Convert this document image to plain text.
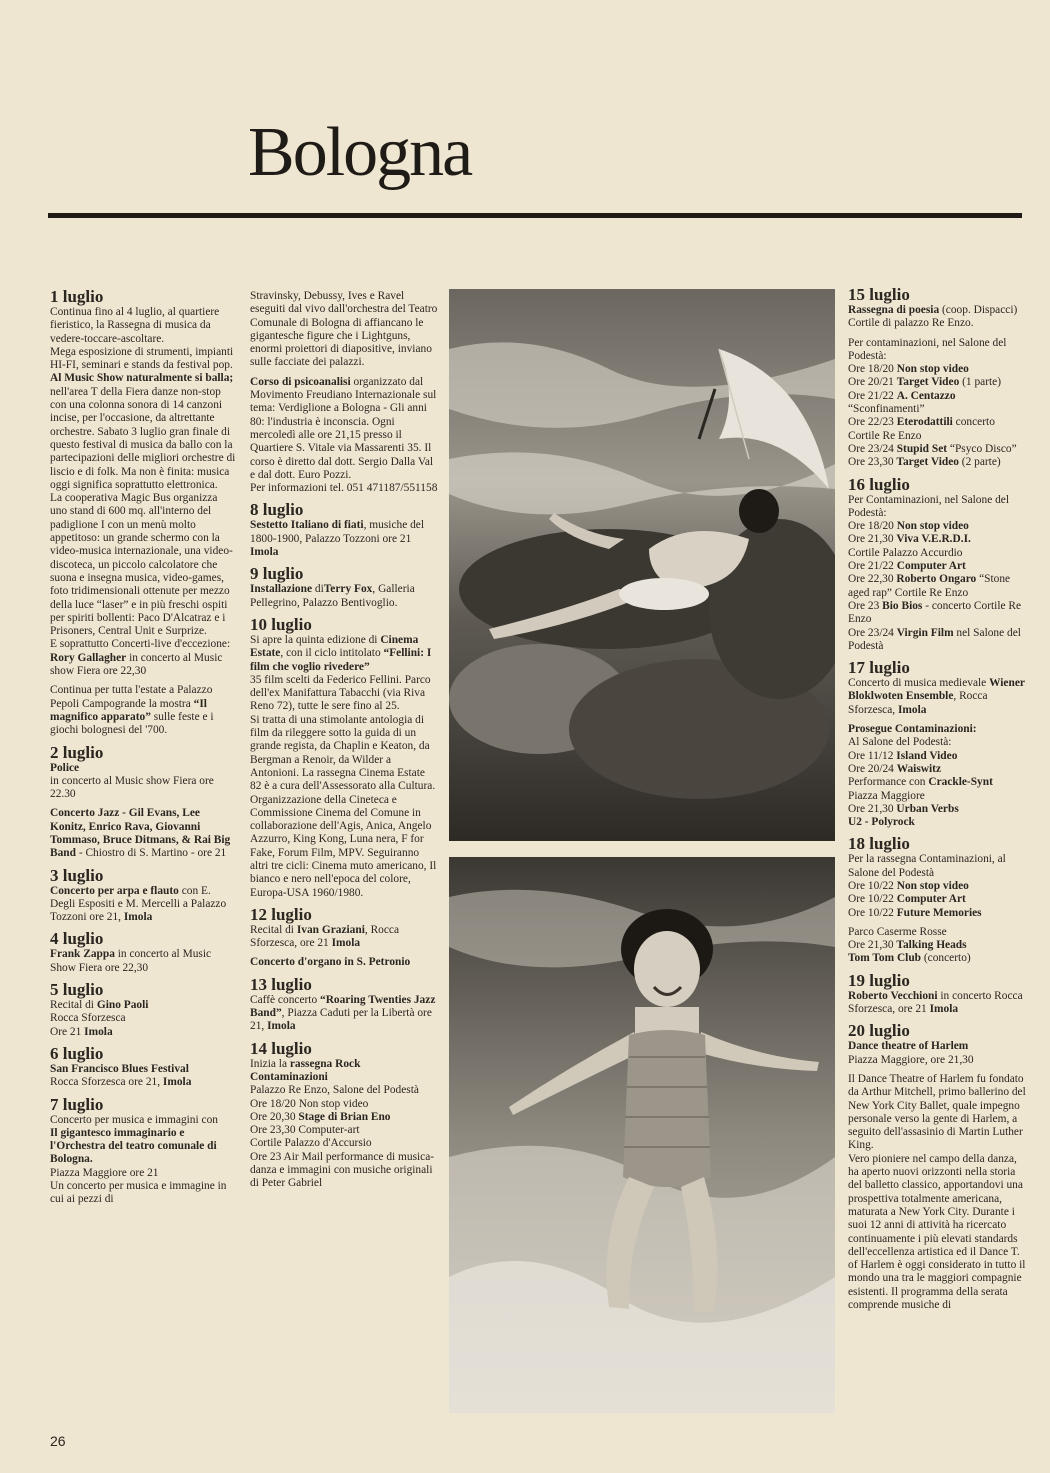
Bologna
1 luglio

Continua fino al 4 luglio, al quartiere fieristico, la Rassegna di musica da vedere-toccare-ascoltare.

Mega esposizione di strumenti, impianti HI-FI, seminari e stands da festival pop.

Al Music Show naturalmente si balla; nell'area T della Fiera danze non-stop con una colonna sonora di 14 canzoni incise, per l'occasione, da altrettante orchestre. Sabato 3 luglio gran finale di questo festival di musica da ballo con la partecipazioni delle migliori orchestre di liscio e di folk. Ma non è finita: musica oggi significa soprattutto elettronica.

La cooperativa Magic Bus organizza uno stand di 600 mq. all'interno del padiglione I con un menù molto appetitoso: un grande schermo con la video-musica internazionale, una video-discoteca, un piccolo calcolatore che suona e insegna musica, video-games, foto tridimensionali ottenute per mezzo della luce “laser” e in più freschi ospiti per spiriti bollenti: Paco D'Alcatraz e i Prisoners, Central Unit e Surprize.

E soprattutto Concerti-live d'eccezione:

Rory Gallagher in concerto al Music show Fiera ore 22,30

Continua per tutta l'estate a Palazzo Pepoli Campogrande la mostra “Il magnifico apparato” sulle feste e i giochi bolognesi del '700.

2 luglio

Police

in concerto al Music show Fiera ore 22.30

Concerto Jazz - Gil Evans, Lee Konitz, Enrico Rava, Giovanni Tommaso, Bruce Ditmans, & Rai Big Band - Chiostro di S. Martino - ore 21

3 luglio

Concerto per arpa e flauto con E. Degli Espositi e M. Mercelli a Palazzo Tozzoni ore 21, Imola

4 luglio

Frank Zappa in concerto al Music Show Fiera ore 22,30

5 luglio

Recital di Gino Paoli

Rocca Sforzesca

Ore 21 Imola

6 luglio

San Francisco Blues Festival

Rocca Sforzesca ore 21, Imola

7 luglio

Concerto per musica e immagini con

Il gigantesco immaginario e l'Orchestra del teatro comunale di Bologna.

Piazza Maggiore ore 21

Un concerto per musica e immagine in cui ai pezzi di

Stravinsky, Debussy, Ives e Ravel eseguiti dal vivo dall'orchestra del Teatro Comunale di Bologna di affiancano le gigantesche figure che i Lightguns, enormi proiettori di diapositive, inviano sulle facciate dei palazzi.

Corso di psicoanalisi organizzato dal Movimento Freudiano Internazionale sul tema: Verdiglione a Bologna - Gli anni 80: l'industria è inconscia. Ogni mercoledì alle ore 21,15 presso il Quartiere S. Vitale via Massarenti 35. Il corso è diretto dal dott. Sergio Dalla Val e dal dott. Euro Pozzi.

Per informazioni tel. 051 471187/551158

8 luglio

Sestetto Italiano di fiati, musiche del 1800-1900, Palazzo Tozzoni ore 21 Imola

9 luglio

Installazione diTerry Fox, Galleria Pellegrino, Palazzo Bentivoglio.

10 luglio

Si apre la quinta edizione di Cinema Estate, con il ciclo intitolato “Fellini: I film che voglio rivedere”

35 film scelti da Federico Fellini. Parco dell'ex Manifattura Tabacchi (via Riva Reno 72), tutte le sere fino al 25.

Si tratta di una stimolante antologia di film da rileggere sotto la guida di un grande regista, da Chaplin e Keaton, da Bergman a Renoir, da Wilder a Antonioni. La rassegna Cinema Estate 82 è a cura dell'Assessorato alla Cultura. Organizzazione della Cineteca e Commissione Cinema del Comune in collaborazione dell'Agis, Anica, Angelo Azzurro, King Kong, Luna nera, F for Fake, Forum Film, MPV. Seguiranno altri tre cicli: Cinema muto americano, Il bianco e nero nell'epoca del colore, Europa-USA 1960/1980.

12 luglio

Recital di Ivan Graziani, Rocca Sforzesca, ore 21 Imola

Concerto d'organo in S. Petronio

13 luglio

Caffè concerto “Roaring Twenties Jazz Band”, Piazza Caduti per la Libertà ore 21, Imola

14 luglio

Inizia la rassegna Rock Contaminazioni

Palazzo Re Enzo, Salone del Podestà

Ore 18/20 Non stop video

Ore 20,30 Stage di Brian Eno

Ore 23,30 Computer-art

Cortile Palazzo d'Accursio

Ore 23 Air Mail performance di musica-danza e immagini con musiche originali di Peter Gabriel

15 luglio

Rassegna di poesia (coop. Dispacci)

Cortile di palazzo Re Enzo.

Per contaminazioni, nel Salone del Podestà:

Ore 18/20 Non stop video

Ore 20/21 Target Video (1 parte)

Ore 21/22 A. Centazzo “Sconfinamenti”

Ore 22/23 Eterodattili concerto Cortile Re Enzo

Ore 23/24 Stupid Set “Psyco Disco”

Ore 23,30 Target Video (2 parte)

16 luglio

Per Contaminazioni, nel Salone del Podestà:

Ore 18/20 Non stop video

Ore 21,30 Viva V.E.R.D.I.

Cortile Palazzo Accurdio

Ore 21/22 Computer Art

Ore 22,30 Roberto Ongaro “Stone aged rap” Cortile Re Enzo

Ore 23 Bio Bios - concerto Cortile Re Enzo

Ore 23/24 Virgin Film nel Salone del Podestà

17 luglio

Concerto di musica medievale Wiener Bloklwoten Ensemble, Rocca Sforzesca, Imola

Prosegue Contaminazioni:

Al Salone del Podestà:

Ore 11/12 Island Video

Ore 20/24 Waiswitz

Performance con Crackle-Synt

Piazza Maggiore

Ore 21,30 Urban Verbs

U2 - Polyrock

18 luglio

Per la rassegna Contaminazioni, al Salone del Podestà

Ore 10/22 Non stop video

Ore 10/22 Computer Art

Ore 10/22 Future Memories

Parco Caserme Rosse

Ore 21,30 Talking Heads

Tom Tom Club (concerto)

19 luglio

Roberto Vecchioni in concerto Rocca Sforzesca, ore 21 Imola

20 luglio

Dance theatre of Harlem

Piazza Maggiore, ore 21,30

Il Dance Theatre of Harlem fu fondato da Arthur Mitchell, primo ballerino del New York City Ballet, quale impegno personale verso la gente di Harlem, a seguito dell'assasinio di Martin Luther King.

Vero pioniere nel campo della danza, ha aperto nuovi orizzonti nella storia del balletto classico, apportandovi una prospettiva totalmente americana, maturata a New York City. Durante i suoi 12 anni di attività ha ricercato continuamente i più elevati standards dell'eccellenza artistica ed il Dance T. of Harlem è oggi considerato in tutto il mondo una tra le maggiori compagnie esistenti. Il programma della serata comprende musiche di

26
